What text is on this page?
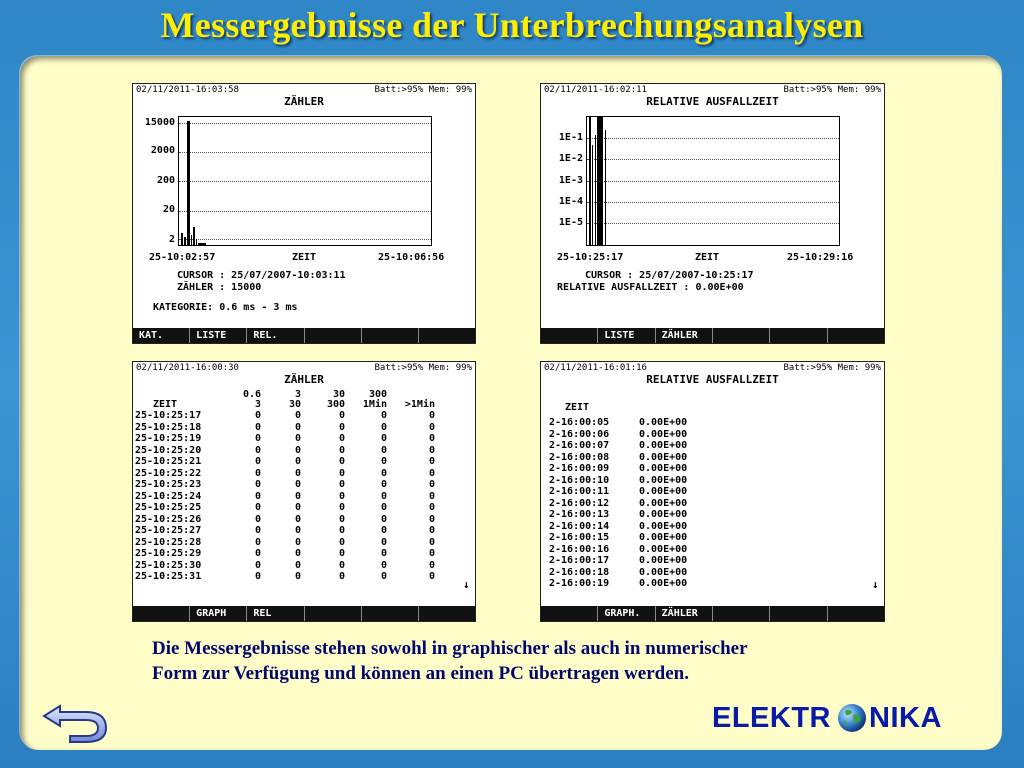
Messergebnisse der Unterbrechungsanalysen
02/11/2011-16:03:58	Batt:>95% Mem: 99%
ZÄHLER
15000
2000
200
20
2
25-10:02:57	ZEIT	25-10:06:56
CURSOR : 25/07/2007-10:03:11
ZÄHLER : 15000
KATEGORIE: 0.6 ms - 3 ms
KAT.	LISTE	REL.
02/11/2011-16:02:11	Batt:>95% Mem: 99%
RELATIVE AUSFALLZEIT
1E-1
1E-2
1E-3
1E-4
1E-5
25-10:25:17	ZEIT	25-10:29:16
CURSOR : 25/07/2007-10:25:17
RELATIVE AUSFALLZEIT : 0.00E+00
LISTE	ZÄHLER
02/11/2011-16:00:30	Batt:>95% Mem: 99%
ZÄHLER
	0.6	3	30	300	
ZEIT	3	30	300	1Min	>1Min
25-10:25:17	0	0	0	0	0
25-10:25:18	0	0	0	0	0
25-10:25:19	0	0	0	0	0
25-10:25:20	0	0	0	0	0
25-10:25:21	0	0	0	0	0
25-10:25:22	0	0	0	0	0
25-10:25:23	0	0	0	0	0
25-10:25:24	0	0	0	0	0
25-10:25:25	0	0	0	0	0
25-10:25:26	0	0	0	0	0
25-10:25:27	0	0	0	0	0
25-10:25:28	0	0	0	0	0
25-10:25:29	0	0	0	0	0
25-10:25:30	0	0	0	0	0
25-10:25:31	0	0	0	0	0
↓
GRAPH	REL
02/11/2011-16:01:16	Batt:>95% Mem: 99%
RELATIVE AUSFALLZEIT
ZEIT
2-16:00:05	0.00E+00
2-16:00:06	0.00E+00
2-16:00:07	0.00E+00
2-16:00:08	0.00E+00
2-16:00:09	0.00E+00
2-16:00:10	0.00E+00
2-16:00:11	0.00E+00
2-16:00:12	0.00E+00
2-16:00:13	0.00E+00
2-16:00:14	0.00E+00
2-16:00:15	0.00E+00
2-16:00:16	0.00E+00
2-16:00:17	0.00E+00
2-16:00:18	0.00E+00
2-16:00:19	0.00E+00	↓
GRAPH.	ZÄHLER
Die Messergebnisse stehen sowohl in graphischer als auch in numerischer
Form zur Verfügung und können an einen PC übertragen werden.
ELEKTR NIKA
